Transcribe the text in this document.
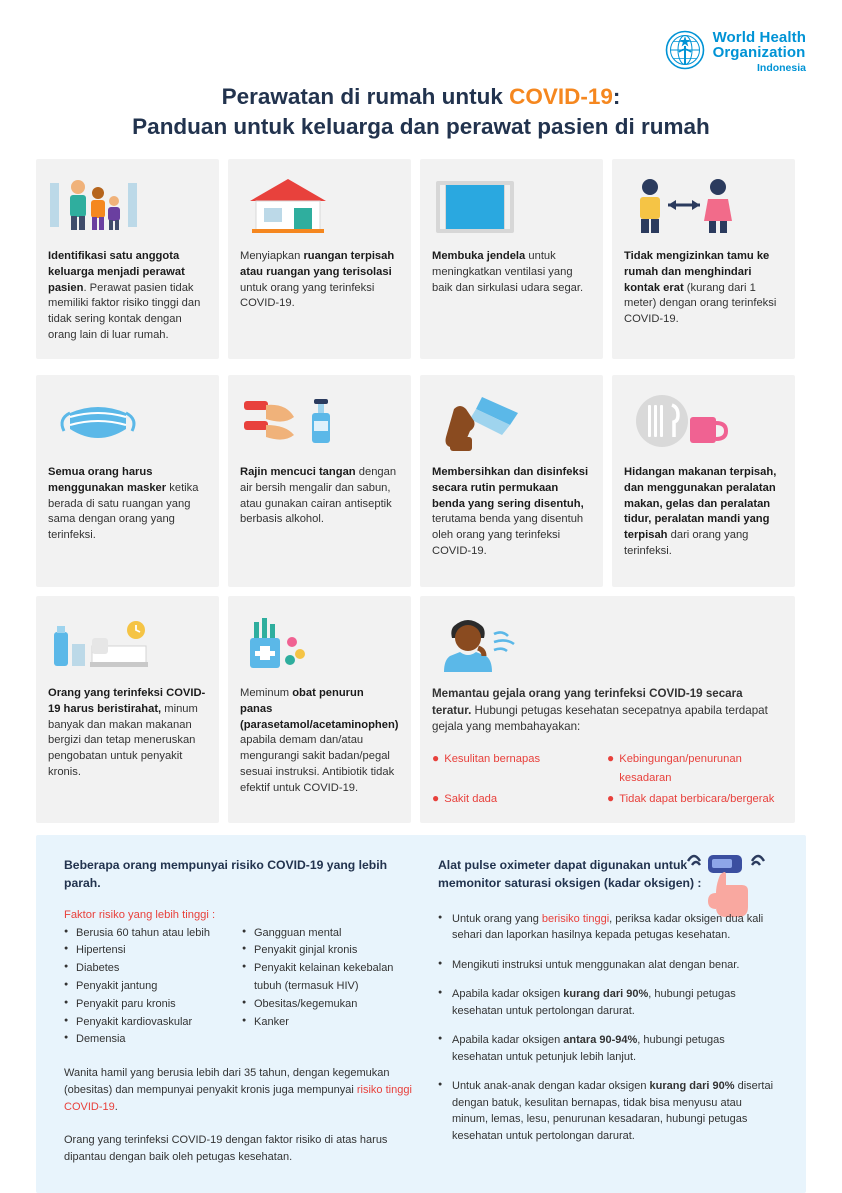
World Health
Organization
Indonesia
Perawatan di rumah untuk COVID-19:
Panduan untuk keluarga dan perawat pasien di rumah
Identifikasi satu anggota keluarga menjadi perawat pasien. Perawat pasien tidak memiliki faktor risiko tinggi dan tidak sering kontak dengan orang lain di luar rumah.
Menyiapkan ruangan terpisah atau ruangan yang terisolasi untuk orang yang terinfeksi COVID-19.
Membuka jendela untuk meningkatkan ventilasi yang baik dan sirkulasi udara segar.
Tidak mengizinkan tamu ke rumah dan menghindari kontak erat (kurang dari 1 meter) dengan orang terinfeksi COVID-19.
Semua orang harus menggunakan masker ketika berada di satu ruangan yang sama dengan orang yang terinfeksi.
Rajin mencuci tangan dengan air bersih mengalir dan sabun, atau gunakan cairan antiseptik berbasis alkohol.
Membersihkan dan disinfeksi secara rutin permukaan benda yang sering disentuh, terutama benda yang disentuh oleh orang yang terinfeksi COVID-19.
Hidangan makanan terpisah, dan menggunakan peralatan makan, gelas dan peralatan tidur, peralatan mandi yang terpisah dari orang yang terinfeksi.
Orang yang terinfeksi COVID-19 harus beristirahat, minum banyak dan makan makanan bergizi dan tetap meneruskan pengobatan untuk penyakit kronis.
Meminum obat penurun panas (parasetamol/acetaminophen) apabila demam dan/atau mengurangi sakit badan/pegal sesuai instruksi. Antibiotik tidak efektif untuk COVID-19.
Memantau gejala orang yang terinfeksi COVID-19 secara teratur. Hubungi petugas kesehatan secepatnya apabila terdapat gejala yang membahayakan:
● Kesulitan bernapas	● Kebingungan/penurunan kesadaran
● Sakit dada	● Tidak dapat berbicara/bergerak
Beberapa orang mempunyai risiko COVID-19 yang lebih parah.
Faktor risiko yang lebih tinggi :
● Berusia 60 tahun atau lebih
● Hipertensi
● Diabetes
● Penyakit jantung
● Penyakit paru kronis
● Penyakit kardiovaskular
● Demensia
● Gangguan mental
● Penyakit ginjal kronis
● Penyakit kelainan kekebalan tubuh (termasuk HIV)
● Obesitas/kegemukan
● Kanker
Wanita hamil yang berusia lebih dari 35 tahun, dengan kegemukan (obesitas) dan mempunyai penyakit kronis juga mempunyai risiko tinggi COVID-19.
Orang yang terinfeksi COVID-19 dengan faktor risiko di atas harus dipantau dengan baik oleh petugas kesehatan.
Alat pulse oximeter dapat digunakan untuk memonitor saturasi oksigen (kadar oksigen) :
● Untuk orang yang berisiko tinggi, periksa kadar oksigen dua kali sehari dan laporkan hasilnya kepada petugas kesehatan.
● Mengikuti instruksi untuk menggunakan alat dengan benar.
● Apabila kadar oksigen kurang dari 90%, hubungi petugas kesehatan untuk pertolongan darurat.
● Apabila kadar oksigen antara 90-94%, hubungi petugas kesehatan untuk petunjuk lebih lanjut.
● Untuk anak-anak dengan kadar oksigen kurang dari 90% disertai dengan batuk, kesulitan bernapas, tidak bisa menyusu atau minum, lemas, lesu, penurunan kesadaran, hubungi petugas kesehatan untuk pertolongan darurat.
